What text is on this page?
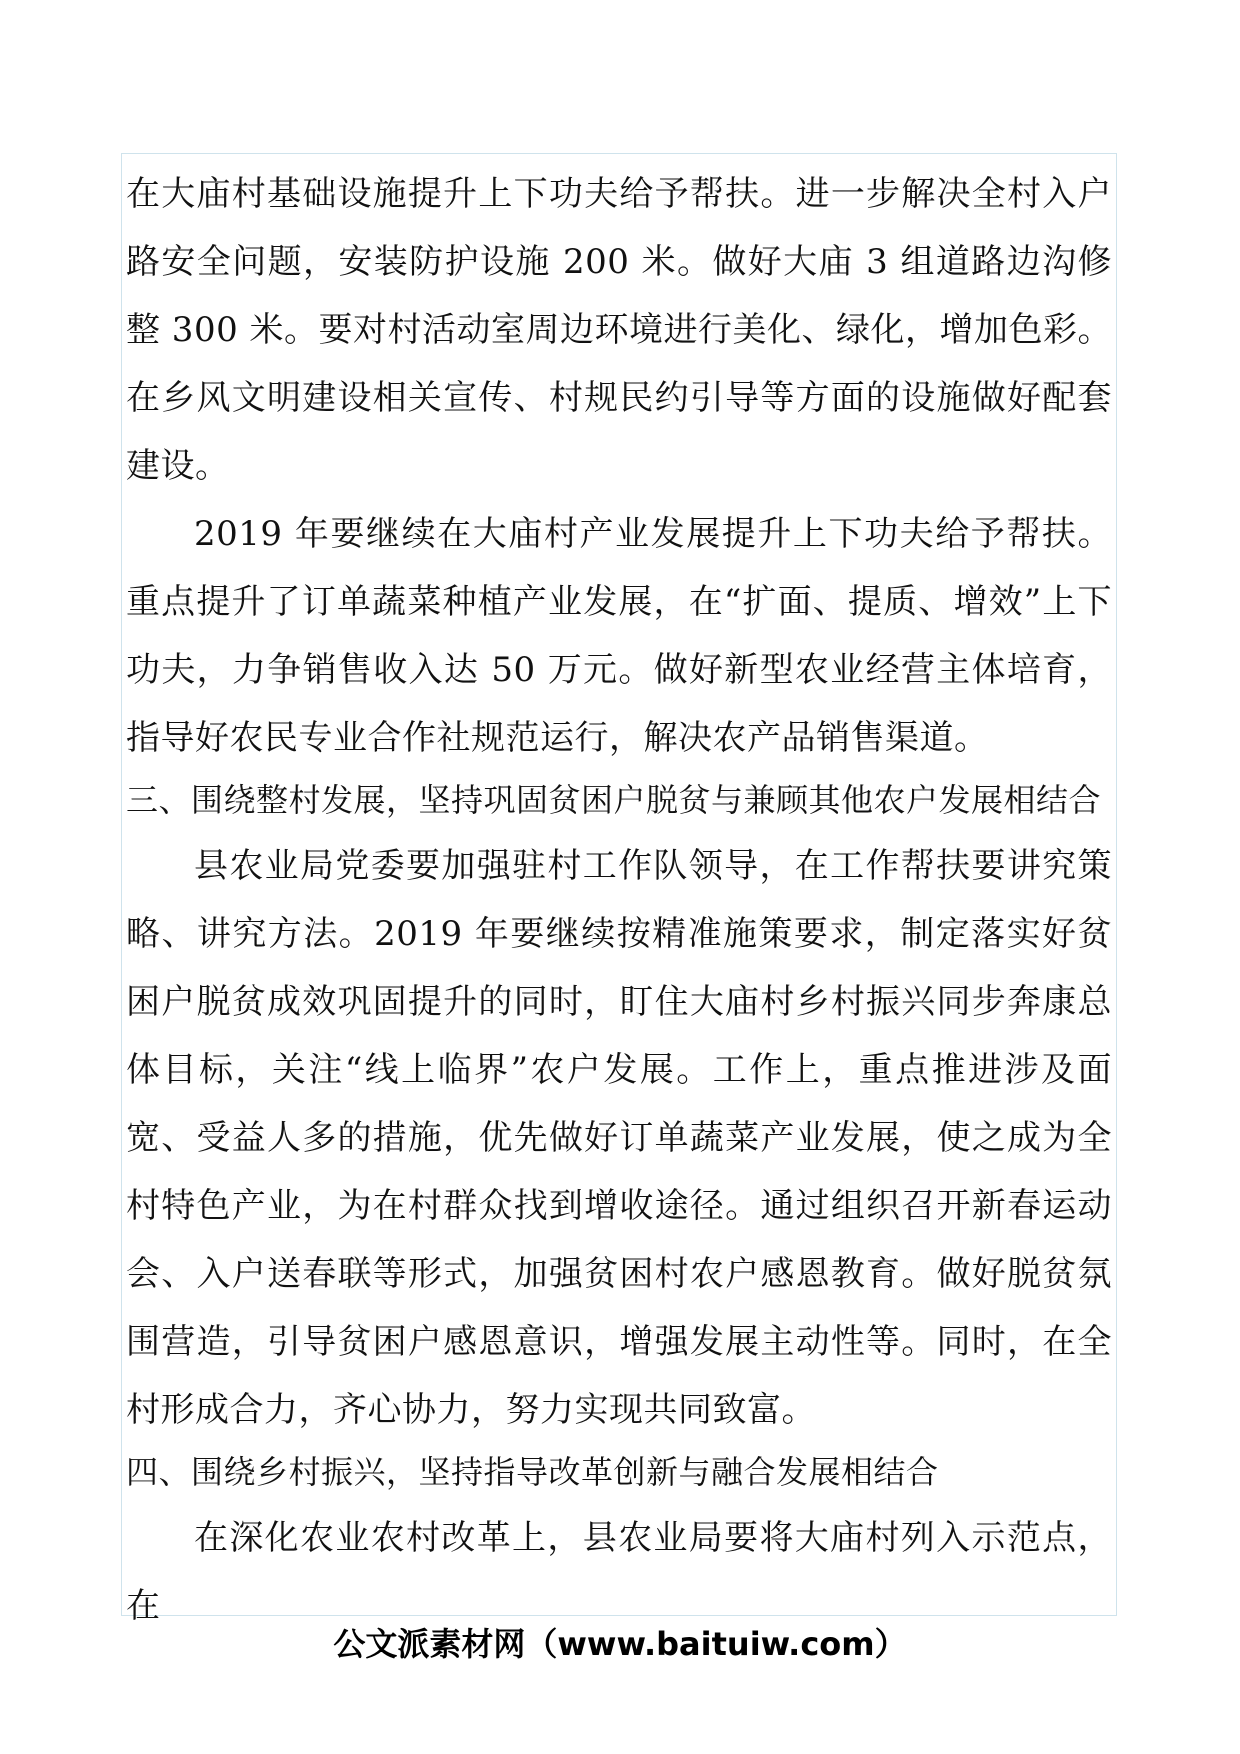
在大庙村基础设施提升上下功夫给予帮扶。进一步解决全村入户路安全问题，安装防护设施 200 米。做好大庙 3 组道路边沟修整 300 米。要对村活动室周边环境进行美化、绿化，增加色彩。在乡风文明建设相关宣传、村规民约引导等方面的设施做好配套建设。

2019 年要继续在大庙村产业发展提升上下功夫给予帮扶。重点提升了订单蔬菜种植产业发展，在“扩面、提质、增效”上下功夫，力争销售收入达 50 万元。做好新型农业经营主体培育，指导好农民专业合作社规范运行，解决农产品销售渠道。

三、围绕整村发展，坚持巩固贫困户脱贫与兼顾其他农户发展相结合

县农业局党委要加强驻村工作队领导，在工作帮扶要讲究策略、讲究方法。2019 年要继续按精准施策要求，制定落实好贫困户脱贫成效巩固提升的同时，盯住大庙村乡村振兴同步奔康总体目标，关注“线上临界”农户发展。工作上，重点推进涉及面宽、受益人多的措施，优先做好订单蔬菜产业发展，使之成为全村特色产业，为在村群众找到增收途径。通过组织召开新春运动会、入户送春联等形式，加强贫困村农户感恩教育。做好脱贫氛围营造，引导贫困户感恩意识，增强发展主动性等。同时，在全村形成合力，齐心协力，努力实现共同致富。

四、围绕乡村振兴，坚持指导改革创新与融合发展相结合

在深化农业农村改革上，县农业局要将大庙村列入示范点，在

公文派素材网（www.baituiw.com）
